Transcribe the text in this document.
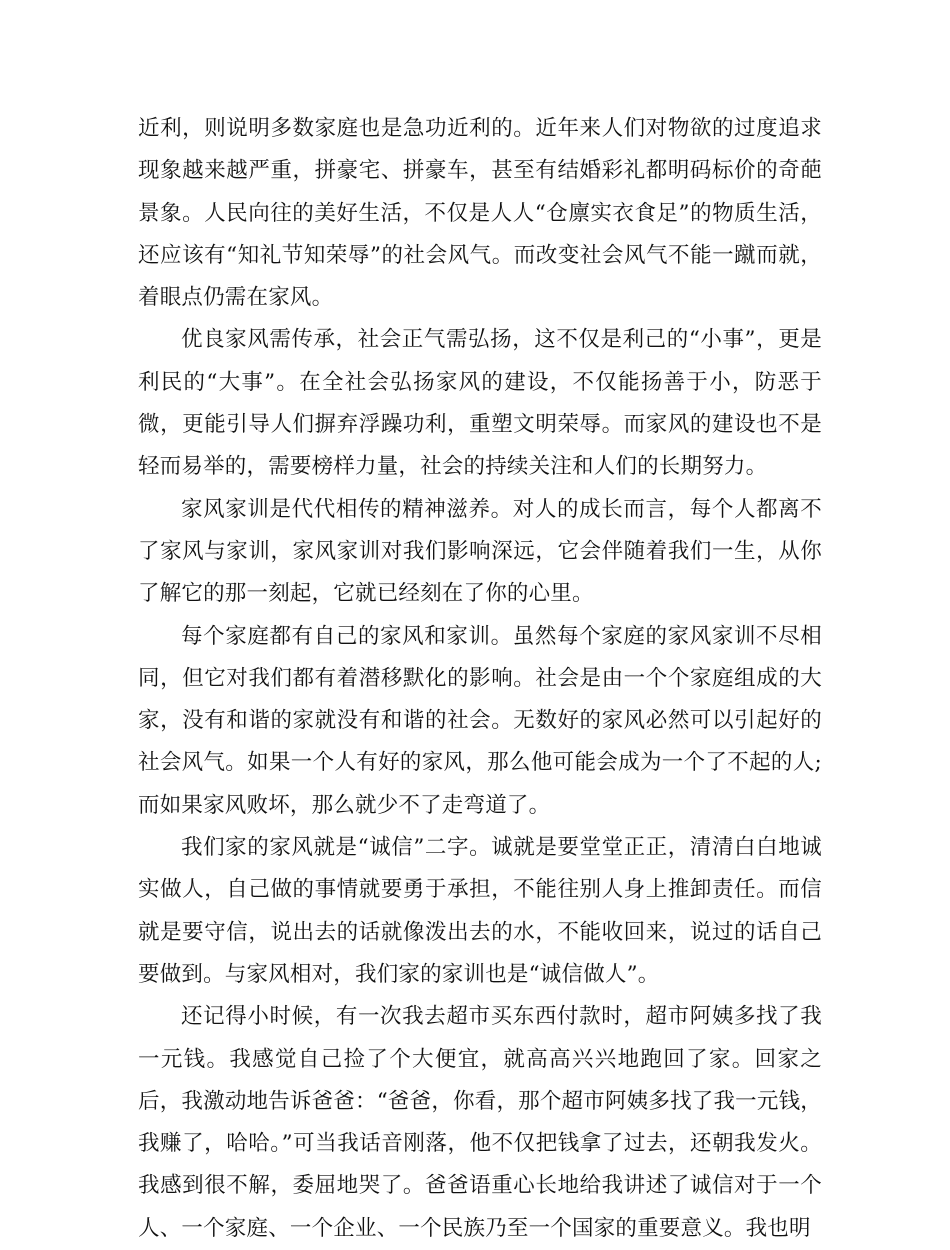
近利，则说明多数家庭也是急功近利的。近年来人们对物欲的过度追求现象越来越严重，拼豪宅、拼豪车，甚至有结婚彩礼都明码标价的奇葩景象。人民向往的美好生活，不仅是人人“仓廪实衣食足”的物质生活，还应该有“知礼节知荣辱”的社会风气。而改变社会风气不能一蹴而就，着眼点仍需在家风。

优良家风需传承，社会正气需弘扬，这不仅是利己的“小事”，更是利民的“大事”。在全社会弘扬家风的建设，不仅能扬善于小，防恶于微，更能引导人们摒弃浮躁功利，重塑文明荣辱。而家风的建设也不是轻而易举的，需要榜样力量，社会的持续关注和人们的长期努力。

家风家训是代代相传的精神滋养。对人的成长而言，每个人都离不了家风与家训，家风家训对我们影响深远，它会伴随着我们一生，从你了解它的那一刻起，它就已经刻在了你的心里。

每个家庭都有自己的家风和家训。虽然每个家庭的家风家训不尽相同，但它对我们都有着潜移默化的影响。社会是由一个个家庭组成的大家，没有和谐的家就没有和谐的社会。无数好的家风必然可以引起好的社会风气。如果一个人有好的家风，那么他可能会成为一个了不起的人;而如果家风败坏，那么就少不了走弯道了。

我们家的家风就是“诚信”二字。诚就是要堂堂正正，清清白白地诚实做人，自己做的事情就要勇于承担，不能往别人身上推卸责任。而信就是要守信，说出去的话就像泼出去的水，不能收回来，说过的话自己要做到。与家风相对，我们家的家训也是“诚信做人”。

还记得小时候，有一次我去超市买东西付款时，超市阿姨多找了我一元钱。我感觉自己捡了个大便宜，就高高兴兴地跑回了家。回家之后，我激动地告诉爸爸：“爸爸，你看，那个超市阿姨多找了我一元钱，我赚了，哈哈。”可当我话音刚落，他不仅把钱拿了过去，还朝我发火。我感到很不解，委屈地哭了。爸爸语重心长地给我讲述了诚信对于一个人、一个家庭、一个企业、一个民族乃至一个国家的重要意义。我也明
